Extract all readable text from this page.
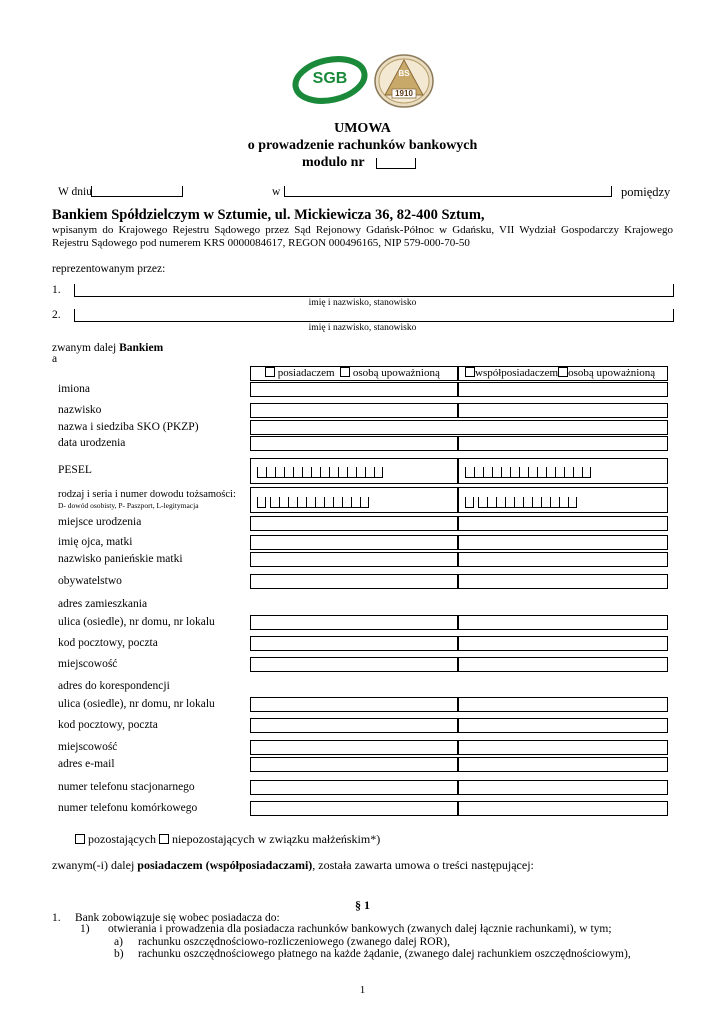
SGB	BS
1910
UMOWA
o prowadzenie rachunków bankowych
modulo nr
W dniu	w	pomiędzy
Bankiem Spółdzielczym w Sztumie, ul. Mickiewicza 36, 82-400 Sztum,
wpisanym do Krajowego Rejestru Sądowego przez Sąd Rejonowy Gdańsk-Północ w Gdańsku, VII Wydział Gospodarczy Krajowego
Rejestru Sądowego pod numerem KRS 0000084617, REGON 000496165, NIP 579-000-70-50
reprezentowanym przez:
1.
imię i nazwisko, stanowisko
2.
imię i nazwisko, stanowisko
zwanym dalej Bankiem
a
posiadaczem osobą upoważnioną	współposiadaczem osobą upoważnioną
imiona
nazwisko
nazwa i siedziba SKO (PKZP)
data urodzenia
PESEL
rodzaj i seria i numer dowodu tożsamości:
D- dowód osobisty, P- Paszport, L-legitymacja
miejsce urodzenia
imię ojca, matki
nazwisko panieńskie matki
obywatelstwo
adres zamieszkania
ulica (osiedle), nr domu, nr lokalu
kod pocztowy, poczta
miejscowość
adres do korespondencji
ulica (osiedle), nr domu, nr lokalu
kod pocztowy, poczta
miejscowość
adres e-mail
numer telefonu stacjonarnego
numer telefonu komórkowego
pozostających niepozostających w związku małżeńskim*)
zwanym(-i) dalej posiadaczem (współposiadaczami), została zawarta umowa o treści następującej:
§ 1
1. Bank zobowiązuje się wobec posiadacza do:
1) otwierania i prowadzenia dla posiadacza rachunków bankowych (zwanych dalej łącznie rachunkami), w tym;
a) rachunku oszczędnościowo-rozliczeniowego (zwanego dalej ROR),
b) rachunku oszczędnościowego płatnego na każde żądanie, (zwanego dalej rachunkiem oszczędnościowym),
1
